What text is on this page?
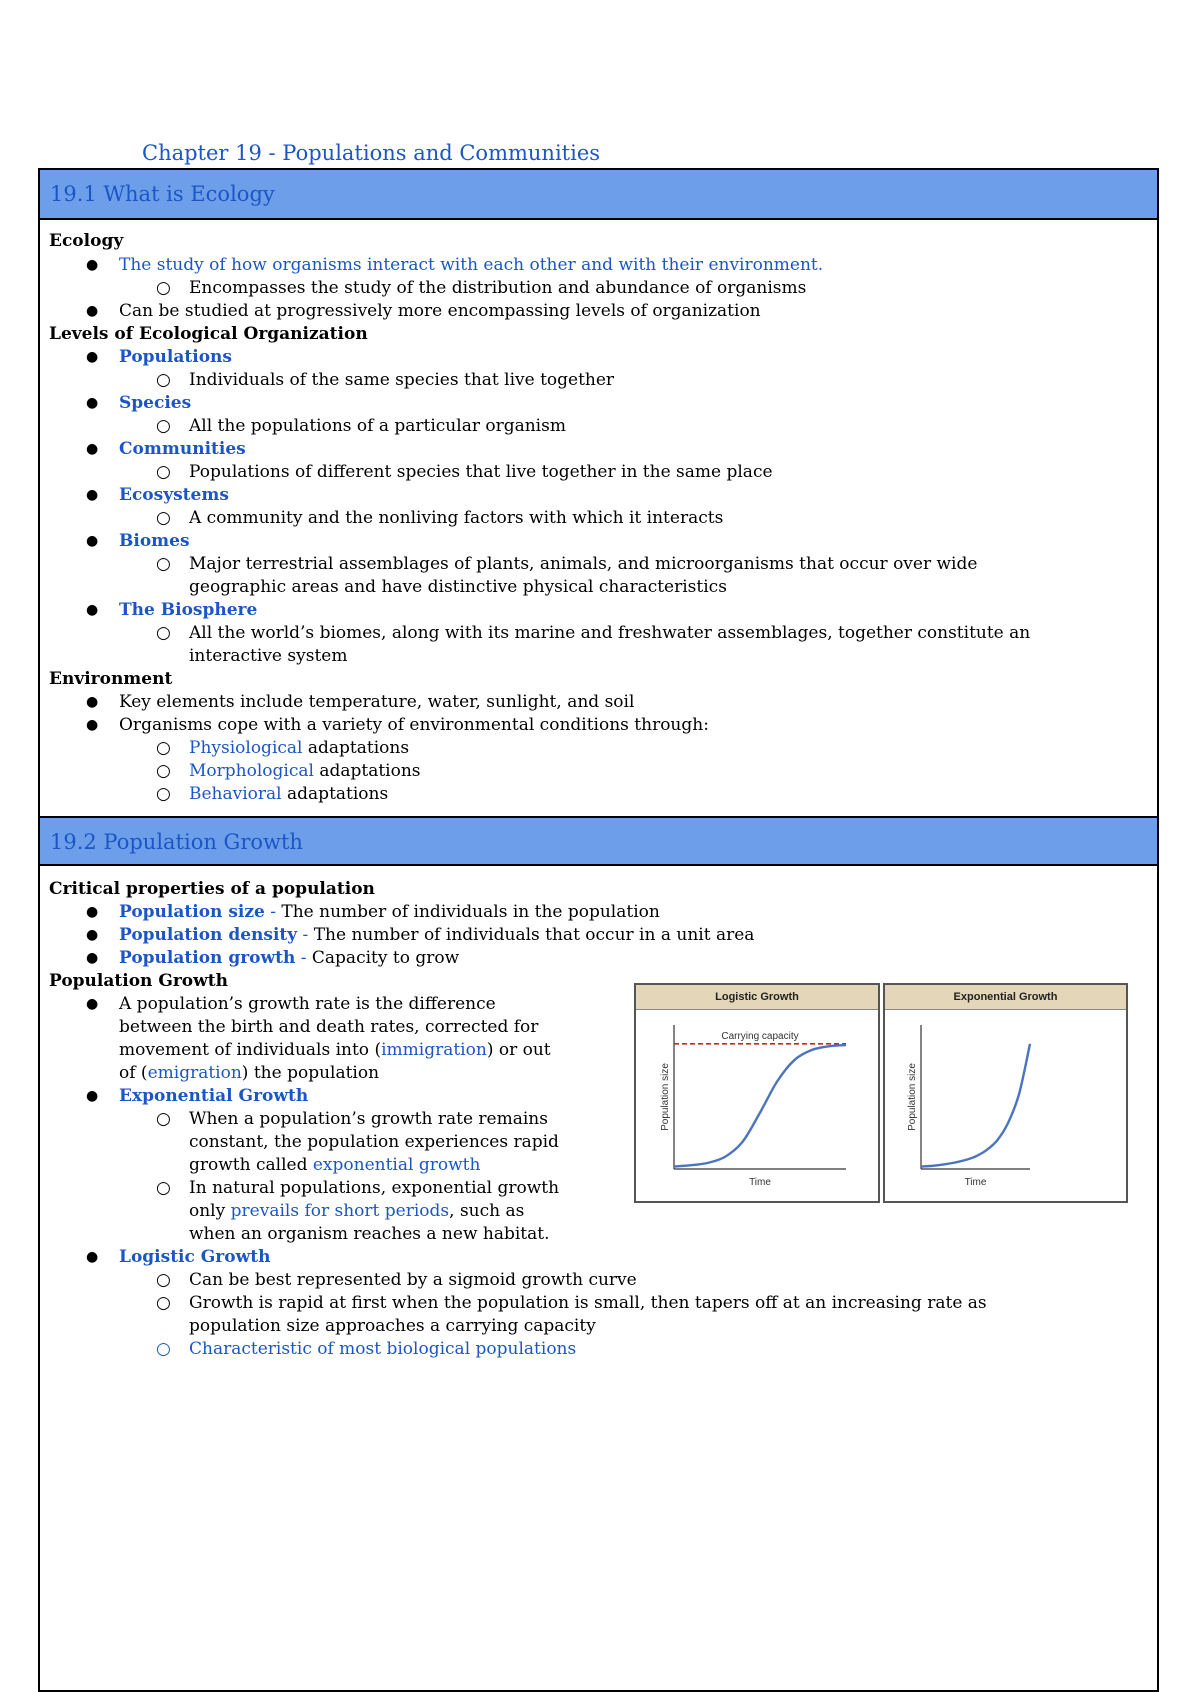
Chapter 19 - Populations and Communities
19.1 What is Ecology
19.2 Population Growth
Ecology
● The study of how organisms interact with each other and with their environment.
○ Encompasses the study of the distribution and abundance of organisms
● Can be studied at progressively more encompassing levels of organization
Levels of Ecological Organization
● Populations
○ Individuals of the same species that live together
● Species
○ All the populations of a particular organism
● Communities
○ Populations of different species that live together in the same place
● Ecosystems
○ A community and the nonliving factors with which it interacts
● Biomes
○ Major terrestrial assemblages of plants, animals, and microorganisms that occur over wide
geographic areas and have distinctive physical characteristics
● The Biosphere
○ All the world’s biomes, along with its marine and freshwater assemblages, together constitute an
interactive system
Environment
● Key elements include temperature, water, sunlight, and soil
● Organisms cope with a variety of environmental conditions through:
○ Physiological adaptations
○ Morphological adaptations
○ Behavioral adaptations
Critical properties of a population
● Population size - The number of individuals in the population
● Population density - The number of individuals that occur in a unit area
● Population growth - Capacity to grow
Population Growth
● A population’s growth rate is the difference
between the birth and death rates, corrected for
movement of individuals into (immigration) or out
of (emigration) the population
● Exponential Growth
○ When a population’s growth rate remains
constant, the population experiences rapid
growth called exponential growth
○ In natural populations, exponential growth
only prevails for short periods, such as
when an organism reaches a new habitat.
● Logistic Growth
○ Can be best represented by a sigmoid growth curve
○ Growth is rapid at first when the population is small, then tapers off at an increasing rate as
population size approaches a carrying capacity
○ Characteristic of most biological populations
Logistic Growth
Time
Population size
Carrying capacity
Exponential Growth
Time
Population size
